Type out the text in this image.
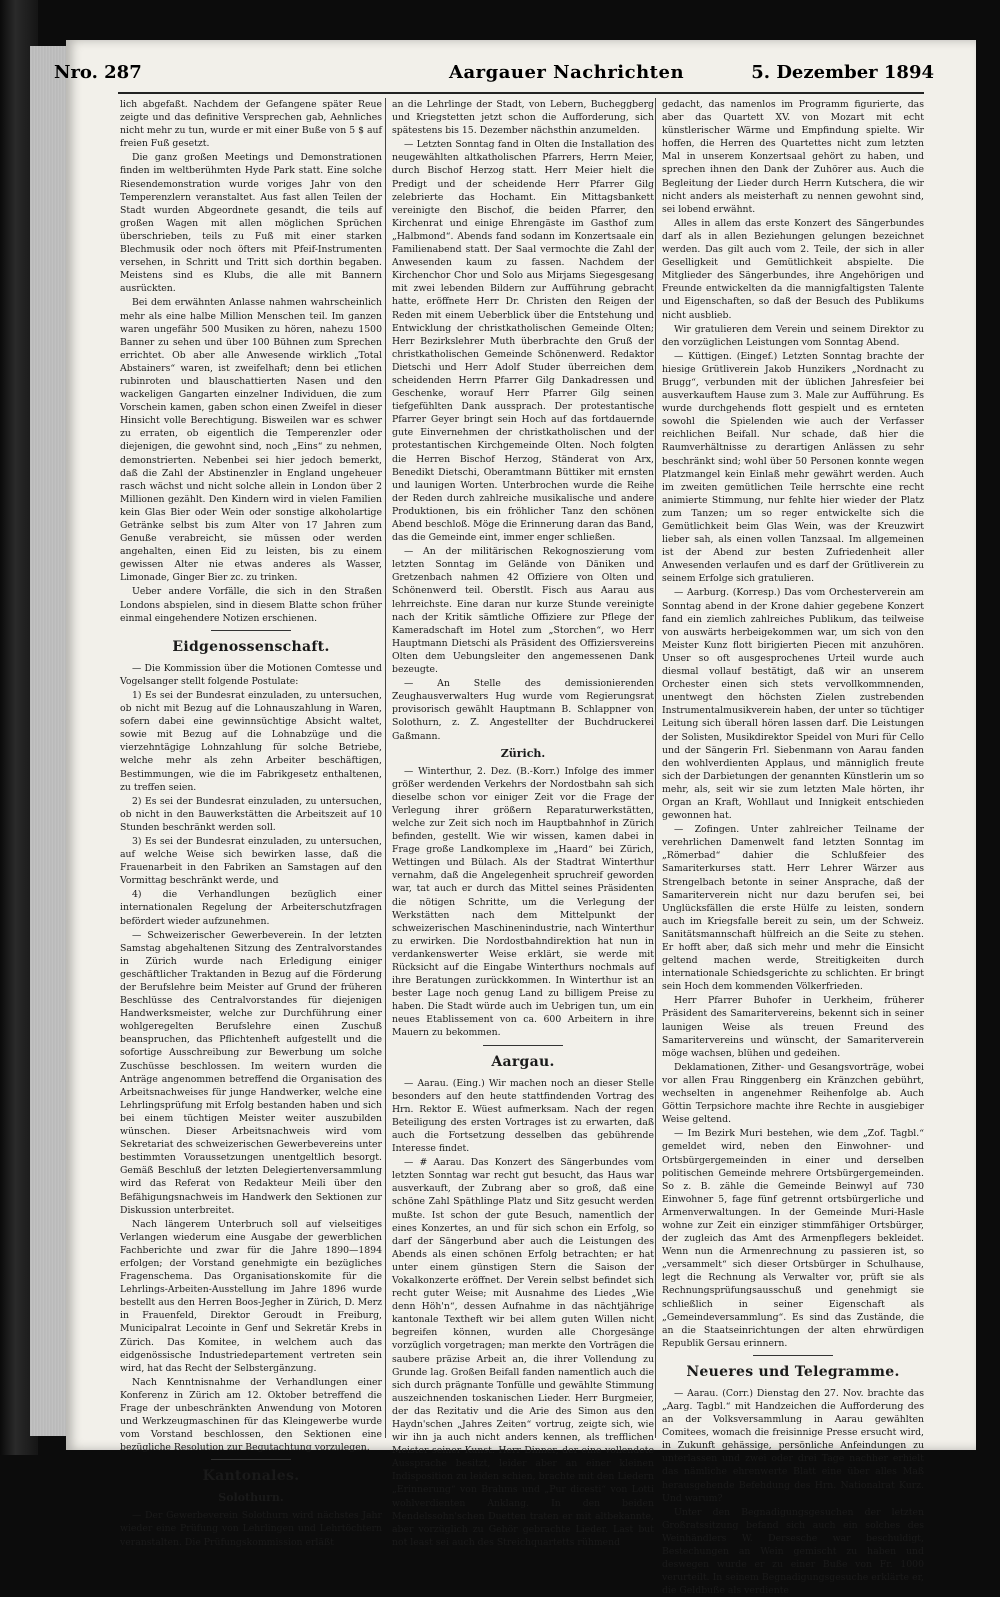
Nro. 287	Aargauer Nachrichten	5. Dezember 1894

lich abgefaßt. Nachdem der Gefangene später Reue zeigte und das definitive Versprechen gab, Aehnliches nicht mehr zu tun, wurde er mit einer Buße von 5 $ auf freien Fuß gesetzt.

Die ganz großen Meetings und Demonstrationen finden im weltberühmten Hyde Park statt. Eine solche Riesendemonstration wurde voriges Jahr von den Temperenzlern veranstaltet. Aus fast allen Teilen der Stadt wurden Abgeordnete gesandt, die teils auf großen Wagen mit allen möglichen Sprüchen überschrieben, teils zu Fuß mit einer starken Blechmusik oder noch öfters mit Pfeif-Instrumenten versehen, in Schritt und Tritt sich dorthin begaben. Meistens sind es Klubs, die alle mit Bannern ausrückten.

Bei dem erwähnten Anlasse nahmen wahrscheinlich mehr als eine halbe Million Menschen teil. Im ganzen waren ungefähr 500 Musiken zu hören, nahezu 1500 Banner zu sehen und über 100 Bühnen zum Sprechen errichtet. Ob aber alle Anwesende wirklich „Total Abstainers“ waren, ist zweifelhaft; denn bei etlichen rubinroten und blauschattierten Nasen und den wackeligen Gangarten einzelner Individuen, die zum Vorschein kamen, gaben schon einen Zweifel in dieser Hinsicht volle Berechtigung. Bisweilen war es schwer zu erraten, ob eigentlich die Temperenzler oder diejenigen, die gewohnt sind, noch „Eins“ zu nehmen, demonstrierten. Nebenbei sei hier jedoch bemerkt, daß die Zahl der Abstinenzler in England ungeheuer rasch wächst und nicht solche allein in London über 2 Millionen gezählt. Den Kindern wird in vielen Familien kein Glas Bier oder Wein oder sonstige alkoholartige Getränke selbst bis zum Alter von 17 Jahren zum Genuße verabreicht, sie müssen oder werden angehalten, einen Eid zu leisten, bis zu einem gewissen Alter nie etwas anderes als Wasser, Limonade, Ginger Bier zc. zu trinken.

Ueber andere Vorfälle, die sich in den Straßen Londons abspielen, sind in diesem Blatte schon früher einmal eingehendere Notizen erschienen.

Eidgenossenschaft.

— Die Kommission über die Motionen Comtesse und Vogelsanger stellt folgende Postulate:

1) Es sei der Bundesrat einzuladen, zu untersuchen, ob nicht mit Bezug auf die Lohnauszahlung in Waren, sofern dabei eine gewinnsüchtige Absicht waltet, sowie mit Bezug auf die Lohnabzüge und die vierzehntägige Lohnzahlung für solche Betriebe, welche mehr als zehn Arbeiter beschäftigen, Bestimmungen, wie die im Fabrikgesetz enthaltenen, zu treffen seien.

2) Es sei der Bundesrat einzuladen, zu untersuchen, ob nicht in den Bauwerkstätten die Arbeitszeit auf 10 Stunden beschränkt werden soll.

3) Es sei der Bundesrat einzuladen, zu untersuchen, auf welche Weise sich bewirken lasse, daß die Frauenarbeit in den Fabriken an Samstagen auf den Vormittag beschränkt werde, und

4) die Verhandlungen bezüglich einer internationalen Regelung der Arbeiterschutzfragen befördert wieder aufzunehmen.

— Schweizerischer Gewerbeverein. In der letzten Samstag abgehaltenen Sitzung des Zentralvorstandes in Zürich wurde nach Erledigung einiger geschäftlicher Traktanden in Bezug auf die Förderung der Berufslehre beim Meister auf Grund der früheren Beschlüsse des Centralvorstandes für diejenigen Handwerksmeister, welche zur Durchführung einer wohlgeregelten Berufslehre einen Zuschuß beanspruchen, das Pflichtenheft aufgestellt und die sofortige Ausschreibung zur Bewerbung um solche Zuschüsse beschlossen. Im weitern wurden die Anträge angenommen betreffend die Organisation des Arbeitsnachweises für junge Handwerker, welche eine Lehrlingsprüfung mit Erfolg bestanden haben und sich bei einem tüchtigen Meister weiter auszubilden wünschen. Dieser Arbeitsnachweis wird vom Sekretariat des schweizerischen Gewerbevereins unter bestimmten Voraussetzungen unentgeltlich besorgt. Gemäß Beschluß der letzten Delegiertenversammlung wird das Referat von Redakteur Meili über den Befähigungsnachweis im Handwerk den Sektionen zur Diskussion unterbreitet.

Nach längerem Unterbruch soll auf vielseitiges Verlangen wiederum eine Ausgabe der gewerblichen Fachberichte und zwar für die Jahre 1890—1894 erfolgen; der Vorstand genehmigte ein bezügliches Fragenschema. Das Organisationskomite für die Lehrlings-Arbeiten-Ausstellung im Jahre 1896 wurde bestellt aus den Herren Boos-Jegher in Zürich, D. Merz in Frauenfeld, Direktor Geroudt in Freiburg, Municipalrat Lecointe in Genf und Sekretär Krebs in Zürich. Das Komitee, in welchem auch das eidgenössische Industriedepartement vertreten sein wird, hat das Recht der Selbstergänzung.

Nach Kenntnisnahme der Verhandlungen einer Konferenz in Zürich am 12. Oktober betreffend die Frage der unbeschränkten Anwendung von Motoren und Werkzeugmaschinen für das Kleingewerbe wurde vom Vorstand beschlossen, den Sektionen eine bezügliche Resolution zur Begutachtung vorzulegen.

Kantonales.
Solothurn.

— Der Gewerbeverein Solothurn wird nächstes Jahr wieder eine Prüfung von Lehrlingen und Lehrtöchtern veranstalten. Die Prüfungskommission erläßt

an die Lehrlinge der Stadt, von Lebern, Bucheggberg und Kriegstetten jetzt schon die Aufforderung, sich spätestens bis 15. Dezember nächsthin anzumelden.

— Letzten Sonntag fand in Olten die Installation des neugewählten altkatholischen Pfarrers, Herrn Meier, durch Bischof Herzog statt. Herr Meier hielt die Predigt und der scheidende Herr Pfarrer Gilg zelebrierte das Hochamt. Ein Mittagsbankett vereinigte den Bischof, die beiden Pfarrer, den Kirchenrat und einige Ehrengäste im Gasthof zum „Halbmond“. Abends fand sodann im Konzertsaale ein Familienabend statt. Der Saal vermochte die Zahl der Anwesenden kaum zu fassen. Nachdem der Kirchenchor Chor und Solo aus Mirjams Siegesgesang mit zwei lebenden Bildern zur Aufführung gebracht hatte, eröffnete Herr Dr. Christen den Reigen der Reden mit einem Ueberblick über die Entstehung und Entwicklung der christkatholischen Gemeinde Olten; Herr Bezirkslehrer Muth überbrachte den Gruß der christkatholischen Gemeinde Schönenwerd. Redaktor Dietschi und Herr Adolf Studer überreichen dem scheidenden Herrn Pfarrer Gilg Dankadressen und Geschenke, worauf Herr Pfarrer Gilg seinen tiefgefühlten Dank aussprach. Der protestantische Pfarrer Geyer bringt sein Hoch auf das fortdauernde gute Einvernehmen der christkatholischen und der protestantischen Kirchgemeinde Olten. Noch folgten die Herren Bischof Herzog, Ständerat von Arx, Benedikt Dietschi, Oberamtmann Büttiker mit ernsten und launigen Worten. Unterbrochen wurde die Reihe der Reden durch zahlreiche musikalische und andere Produktionen, bis ein fröhlicher Tanz den schönen Abend beschloß. Möge die Erinnerung daran das Band, das die Gemeinde eint, immer enger schließen.

— An der militärischen Rekognoszierung vom letzten Sonntag im Gelände von Däniken und Gretzenbach nahmen 42 Offiziere von Olten und Schönenwerd teil. Oberstlt. Fisch aus Aarau aus lehrreichste. Eine daran nur kurze Stunde vereinigte nach der Kritik sämtliche Offiziere zur Pflege der Kameradschaft im Hotel zum „Storchen“, wo Herr Hauptmann Dietschi als Präsident des Offiziersvereins Olten dem Uebungsleiter den angemessenen Dank bezeugte.

— An Stelle des demissionierenden Zeughausverwalters Hug wurde vom Regierungsrat provisorisch gewählt Hauptmann B. Schlappner von Solothurn, z. Z. Angestellter der Buchdruckerei Gaßmann.

Zürich.

— Winterthur, 2. Dez. (B.-Korr.) Infolge des immer größer werdenden Verkehrs der Nordostbahn sah sich dieselbe schon vor einiger Zeit vor die Frage der Verlegung ihrer größern Reparaturwerkstätten, welche zur Zeit sich noch im Hauptbahnhof in Zürich befinden, gestellt. Wie wir wissen, kamen dabei in Frage große Landkomplexe im „Haard“ bei Zürich, Wettingen und Bülach. Als der Stadtrat Winterthur vernahm, daß die Angelegenheit spruchreif geworden war, tat auch er durch das Mittel seines Präsidenten die nötigen Schritte, um die Verlegung der Werkstätten nach dem Mittelpunkt der schweizerischen Maschinenindustrie, nach Winterthur zu erwirken. Die Nordostbahndirektion hat nun in verdankenswerter Weise erklärt, sie werde mit Rücksicht auf die Eingabe Winterthurs nochmals auf ihre Beratungen zurückkommen. In Winterthur ist an bester Lage noch genug Land zu billigem Preise zu haben. Die Stadt würde auch im Uebrigen tun, um ein neues Etablissement von ca. 600 Arbeitern in ihre Mauern zu bekommen.

Aargau.

— Aarau. (Eing.) Wir machen noch an dieser Stelle besonders auf den heute stattfindenden Vortrag des Hrn. Rektor E. Wüest aufmerksam. Nach der regen Beteiligung des ersten Vortrages ist zu erwarten, daß auch die Fortsetzung desselben das gebührende Interesse findet.

— # Aarau. Das Konzert des Sängerbundes vom letzten Sonntag war recht gut besucht, das Haus war ausverkauft, der Zubrang aber so groß, daß eine schöne Zahl Späthlinge Platz und Sitz gesucht werden mußte. Ist schon der gute Besuch, namentlich der eines Konzertes, an und für sich schon ein Erfolg, so darf der Sängerbund aber auch die Leistungen des Abends als einen schönen Erfolg betrachten; er hat unter einem günstigen Stern die Saison der Vokalkonzerte eröffnet. Der Verein selbst befindet sich recht guter Weise; mit Ausnahme des Liedes „Wie denn Höh'n“, dessen Aufnahme in das nächtjährige kantonale Textheft wir bei allem guten Willen nicht begreifen können, wurden alle Chorgesänge vorzüglich vorgetragen; man merkte den Vorträgen die saubere präzise Arbeit an, die ihrer Vollendung zu Grunde lag. Großen Beifall fanden namentlich auch die sich durch prägnante Tonfülle und gewählte Stimmung auszeichnenden toskanischen Lieder. Herr Burgmeier, der das Rezitativ und die Arie des Simon aus den Haydn'schen „Jahres Zeiten“ vortrug, zeigte sich, wie wir ihn ja auch nicht anders kennen, als trefflichen Meister seiner Kunst. Herr Dinner, der eine vollendete Aussprache besitzt, leider aber an einer kleinen Indisposition zu leiden schien, brachte mit den Liedern „Erinnerung“ von Brahms und „Pur dicesti“ von Lotti wohlverdienten Anklang. In den beiden Mendelssohn'schen Duetten traten er mit altbekannte, aber vorzüglich zu Gehör gebrachte Lieder. Last but not least sei auch des Streichquartetts rühmend

gedacht, das namenlos im Programm figurierte, das aber das Quartett XV. von Mozart mit echt künstlerischer Wärme und Empfindung spielte. Wir hoffen, die Herren des Quartettes nicht zum letzten Mal in unserem Konzertsaal gehört zu haben, und sprechen ihnen den Dank der Zuhörer aus. Auch die Begleitung der Lieder durch Herrn Kutschera, die wir nicht anders als meisterhaft zu nennen gewohnt sind, sei lobend erwähnt.

Alles in allem das erste Konzert des Sängerbundes darf als in allen Beziehungen gelungen bezeichnet werden. Das gilt auch vom 2. Teile, der sich in aller Geselligkeit und Gemütlichkeit abspielte. Die Mitglieder des Sängerbundes, ihre Angehörigen und Freunde entwickelten da die mannigfaltigsten Talente und Eigenschaften, so daß der Besuch des Publikums nicht ausblieb.

Wir gratulieren dem Verein und seinem Direktor zu den vorzüglichen Leistungen vom Sonntag Abend.

— Küttigen. (Eingef.) Letzten Sonntag brachte der hiesige Grütliverein Jakob Hunzikers „Nordnacht zu Brugg“, verbunden mit der üblichen Jahresfeier bei ausverkauftem Hause zum 3. Male zur Aufführung. Es wurde durchgehends flott gespielt und es ernteten sowohl die Spielenden wie auch der Verfasser reichlichen Beifall. Nur schade, daß hier die Raumverhältnisse zu derartigen Anlässen zu sehr beschränkt sind; wohl über 50 Personen konnte wegen Platzmangel kein Einlaß mehr gewährt werden. Auch im zweiten gemütlichen Teile herrschte eine recht animierte Stimmung, nur fehlte hier wieder der Platz zum Tanzen; um so reger entwickelte sich die Gemütlichkeit beim Glas Wein, was der Kreuzwirt lieber sah, als einen vollen Tanzsaal. Im allgemeinen ist der Abend zur besten Zufriedenheit aller Anwesenden verlaufen und es darf der Grütliverein zu seinem Erfolge sich gratulieren.

— Aarburg. (Korresp.) Das vom Orchesterverein am Sonntag abend in der Krone dahier gegebene Konzert fand ein ziemlich zahlreiches Publikum, das teilweise von auswärts herbeigekommen war, um sich von den Meister Kunz flott birigierten Piecen mit anzuhören. Unser so oft ausgesprochenes Urteil wurde auch diesmal vollauf bestätigt, daß wir an unserem Orchester einen sich stets vervollkommnenden, unentwegt den höchsten Zielen zustrebenden Instrumentalmusikverein haben, der unter so tüchtiger Leitung sich überall hören lassen darf. Die Leistungen der Solisten, Musikdirektor Speidel von Muri für Cello und der Sängerin Frl. Siebenmann von Aarau fanden den wohlverdienten Applaus, und männiglich freute sich der Darbietungen der genannten Künstlerin um so mehr, als, seit wir sie zum letzten Male hörten, ihr Organ an Kraft, Wohllaut und Innigkeit entschieden gewonnen hat.

— Zofingen. Unter zahlreicher Teilname der verehrlichen Damenwelt fand letzten Sonntag im „Römerbad“ dahier die Schlußfeier des Samariterkurses statt. Herr Lehrer Wärzer aus Strengelbach betonte in seiner Ansprache, daß der Samariterverein nicht nur dazu berufen sei, bei Unglücksfällen die erste Hülfe zu leisten, sondern auch im Kriegsfalle bereit zu sein, um der Schweiz. Sanitätsmannschaft hülfreich an die Seite zu stehen. Er hofft aber, daß sich mehr und mehr die Einsicht geltend machen werde, Streitigkeiten durch internationale Schiedsgerichte zu schlichten. Er bringt sein Hoch dem kommenden Völkerfrieden.

Herr Pfarrer Buhofer in Uerkheim, früherer Präsident des Samaritervereins, bekennt sich in seiner launigen Weise als treuen Freund des Samaritervereins und wünscht, der Samariterverein möge wachsen, blühen und gedeihen.

Deklamationen, Zither- und Gesangsvorträge, wobei vor allen Frau Ringgenberg ein Kränzchen gebührt, wechselten in angenehmer Reihenfolge ab. Auch Göttin Terpsichore machte ihre Rechte in ausgiebiger Weise geltend.

— Im Bezirk Muri bestehen, wie dem „Zof. Tagbl.“ gemeldet wird, neben den Einwohner- und Ortsbürgergemeinden in einer und derselben politischen Gemeinde mehrere Ortsbürgergemeinden. So z. B. zähle die Gemeinde Beinwyl auf 730 Einwohner 5, fage fünf getrennt ortsbürgerliche und Armenverwaltungen. In der Gemeinde Muri-Hasle wohne zur Zeit ein einziger stimmfähiger Ortsbürger, der zugleich das Amt des Armenpflegers bekleidet. Wenn nun die Armenrechnung zu passieren ist, so „versammelt“ sich dieser Ortsbürger in Schulhause, legt die Rechnung als Verwalter vor, prüft sie als Rechnungsprüfungsausschuß und genehmigt sie schließlich in seiner Eigenschaft als „Gemeindeversammlung“. Es sind das Zustände, die an die Staatseinrichtungen der alten ehrwürdigen Republik Gersau erinnern.

Neueres und Telegramme.

— Aarau. (Corr.) Dienstag den 27. Nov. brachte das „Aarg. Tagbl.“ mit Handzeichen die Aufforderung des an der Volksversammlung in Aarau gewählten Comitees, womach die freisinnige Presse ersucht wird, in Zukunft gehässige, persönliche Anfeindungen zu unterlassen und zwei oder drei Tage nachher erhielt das nämliche ehrenwerte Blatt eine über alles Maß herausgehende Befehdung des Hrn. Nationalrat Kurz. Und warum?

Unter den Begnadigungsgesuchen der letzten Großratssitzung befand sich auch ein solches des Weinhändlers W. Dersesche war beschuldigt, Bestechungen an Wein gemischt zu haben und deswegen wurde er zu einer Buße von Fr. 1000 verurteilt. In seinem Begnadigungsgesuche erklärte er, die Geldbuße als verdiente
